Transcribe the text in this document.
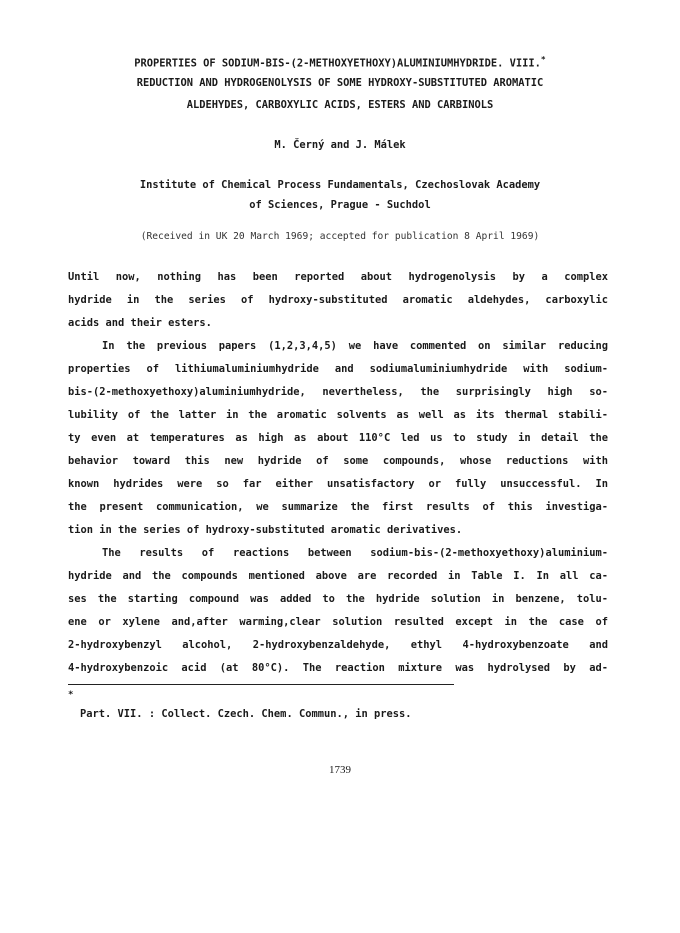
PROPERTIES OF SODIUM-BIS-(2-METHOXYETHOXY)ALUMINIUMHYDRIDE. VIII.*
REDUCTION AND HYDROGENOLYSIS OF SOME HYDROXY-SUBSTITUTED AROMATIC
ALDEHYDES, CARBOXYLIC ACIDS, ESTERS AND CARBINOLS
M. Černý and J. Málek
Institute of Chemical Process Fundamentals, Czechoslovak Academy
of Sciences, Prague - Suchdol
(Received in UK 20 March 1969; accepted for publication 8 April 1969)
Until now, nothing has been reported about hydrogenolysis by a complex
hydride in the series of hydroxy-substituted aromatic aldehydes, carboxylic
acids and their esters.
In the previous papers (1,2,3,4,5) we have commented on similar reducing
properties of lithiumaluminiumhydride and sodiumaluminiumhydride with sodium-
bis-(2-methoxyethoxy)aluminiumhydride, nevertheless, the surprisingly high so-
lubility of the latter in the aromatic solvents as well as its thermal stabili-
ty even at temperatures as high as about 110°C led us to study in detail the
behavior toward this new hydride of some compounds, whose reductions with
known hydrides were so far either unsatisfactory or fully unsuccessful. In
the present communication, we summarize the first results of this investiga-
tion in the series of hydroxy-substituted aromatic derivatives.
The results of reactions between sodium-bis-(2-methoxyethoxy)aluminium-
hydride and the compounds mentioned above are recorded in Table I. In all ca-
ses the starting compound was added to the hydride solution in benzene, tolu-
ene or xylene and,after warming,clear solution resulted except in the case of
2-hydroxybenzyl alcohol, 2-hydroxybenzaldehyde, ethyl 4-hydroxybenzoate and
4-hydroxybenzoic acid (at 80°C). The reaction mixture was hydrolysed by ad-
*
Part. VII. : Collect. Czech. Chem. Commun., in press.
1739
